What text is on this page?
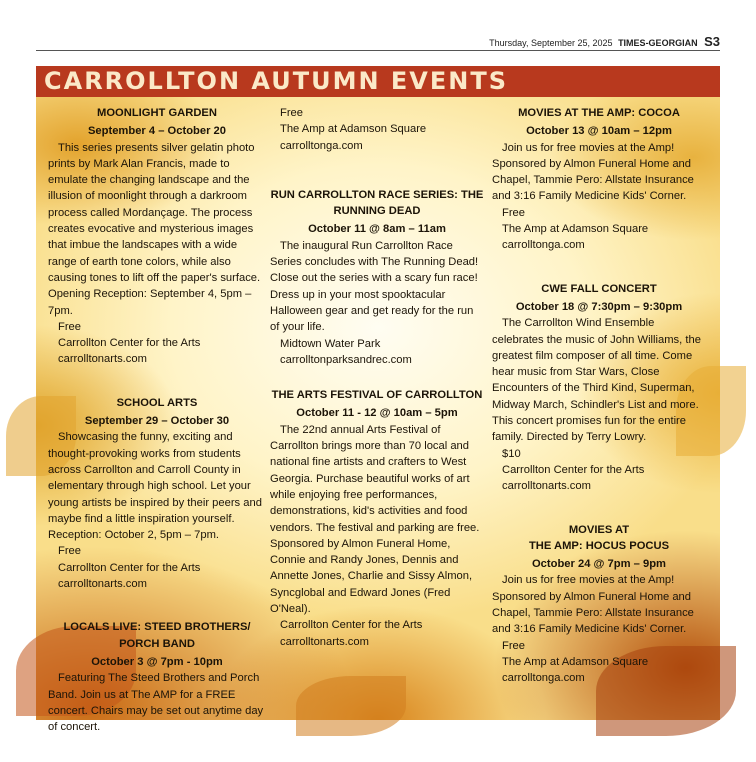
Thursday, September 25, 2025 TIMES-GEORGIAN S3
CARROLLTON AUTUMN EVENTS

MOONLIGHT GARDEN

September 4 – October 20

This series presents silver gelatin photo prints by Mark Alan Francis, made to emulate the changing landscape and the illusion of moonlight through a darkroom process called Mordançage. The process creates evocative and mysterious images that imbue the landscapes with a wide range of earth tone colors, while also causing tones to lift off the paper's surface. Opening Reception: September 4, 5pm – 7pm.

Free

Carrollton Center for the Arts

carrolltonarts.com

SCHOOL ARTS

September 29 – October 30

Showcasing the funny, exciting and thought-provoking works from students across Carrollton and Carroll County in elementary through high school. Let your young artists be inspired by their peers and maybe find a little inspiration yourself. Reception: October 2, 5pm – 7pm.

Free

Carrollton Center for the Arts

carrolltonarts.com

LOCALS LIVE: STEED BROTHERS/ PORCH BAND

October 3 @ 7pm - 10pm

Featuring The Steed Brothers and Porch Band. Join us at The AMP for a FREE concert. Chairs may be set out anytime day of concert.

Free

The Amp at Adamson Square

carrolltonga.com

RUN CARROLLTON RACE SERIES: THE RUNNING DEAD

October 11 @ 8am – 11am

The inaugural Run Carrollton Race Series concludes with The Running Dead! Close out the series with a scary fun race! Dress up in your most spooktacular Halloween gear and get ready for the run of your life.

Midtown Water Park

carrolltonparksandrec.com

THE ARTS FESTIVAL OF CARROLLTON

October 11 - 12 @ 10am – 5pm

The 22nd annual Arts Festival of Carrollton brings more than 70 local and national fine artists and crafters to West Georgia. Purchase beautiful works of art while enjoying free performances, demonstrations, kid's activities and food vendors. The festival and parking are free. Sponsored by Almon Funeral Home, Connie and Randy Jones, Dennis and Annette Jones, Charlie and Sissy Almon, Syncglobal and Edward Jones (Fred O'Neal).

Carrollton Center for the Arts

carrolltonarts.com

MOVIES AT THE AMP: COCOA

October 13 @ 10am – 12pm

Join us for free movies at the Amp! Sponsored by Almon Funeral Home and Chapel, Tammie Pero: Allstate Insurance and 3:16 Family Medicine Kids' Corner.

Free

The Amp at Adamson Square

carrolltonga.com

CWE FALL CONCERT

October 18 @ 7:30pm – 9:30pm

The Carrollton Wind Ensemble celebrates the music of John Williams, the greatest film composer of all time. Come hear music from Star Wars, Close Encounters of the Third Kind, Superman, Midway March, Schindler's List and more. This concert promises fun for the entire family. Directed by Terry Lowry.

$10

Carrollton Center for the Arts

carrolltonarts.com

MOVIES AT

THE AMP: HOCUS POCUS

October 24 @ 7pm – 9pm

Join us for free movies at the Amp! Sponsored by Almon Funeral Home and Chapel, Tammie Pero: Allstate Insurance and 3:16 Family Medicine Kids' Corner.

Free

The Amp at Adamson Square

carrolltonga.com
